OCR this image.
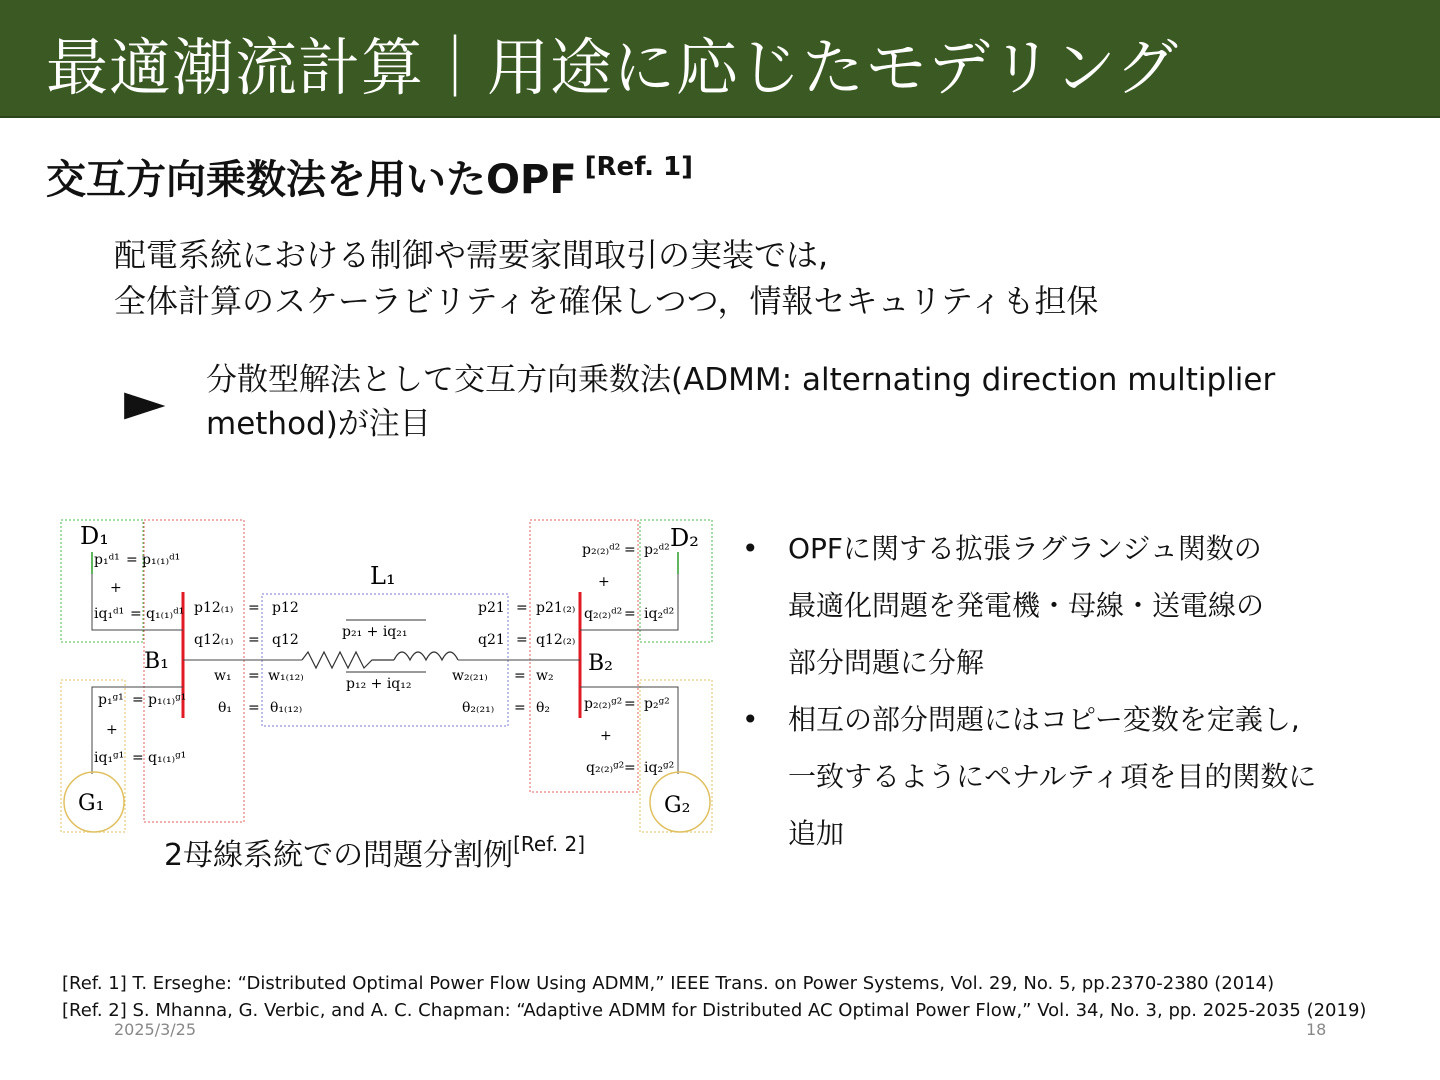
最適潮流計算｜用途に応じたモデリング
交互方向乗数法を用いたOPF [Ref. 1]
配電系統における制御や需要家間取引の実装では,
全体計算のスケーラビリティを確保しつつ，情報セキュリティも担保
► 分散型解法として交互方向乗数法(ADMM: alternating direction multiplier
method)が注目
D₁	D₂
L₁
B₁	B₂
G₁	G₂
p₁ᵈ¹ = p₁₍₁₎ᵈ¹
+
iq₁ᵈ¹ = q₁₍₁₎ᵈ¹
p₁ᵍ¹ = p₁₍₁₎ᵍ¹
+
iq₁ᵍ¹ = q₁₍₁₎ᵍ¹
p12₍₁₎ = p12
q12₍₁₎ = q12
w₁ = w₁₍₁₂₎
θ₁ = θ₁₍₁₂₎
p₂₁ + iq₂₁
p₁₂ + iq₁₂
p21 = p21₍₂₎
q21 = q12₍₂₎
w₂₍₂₁₎ = w₂
θ₂₍₂₁₎ = θ₂
p₂₍₂₎ᵈ² = p₂ᵈ²
+
q₂₍₂₎ᵈ² = iq₂ᵈ²
p₂₍₂₎ᵍ² = p₂ᵍ²
+
q₂₍₂₎ᵍ² = iq₂ᵍ²
2母線系統での問題分割例[Ref. 2]
• OPFに関する拡張ラグランジュ関数の
最適化問題を発電機・母線・送電線の
部分問題に分解
• 相互の部分問題にはコピー変数を定義し,
一致するようにペナルティ項を目的関数に
追加
2025/3/25	18
[Ref. 1] T. Erseghe: “Distributed Optimal Power Flow Using ADMM,” IEEE Trans. on Power Systems, Vol. 29, No. 5, pp.2370-2380 (2014)
[Ref. 2] S. Mhanna, G. Verbic, and A. C. Chapman: “Adaptive ADMM for Distributed AC Optimal Power Flow,” Vol. 34, No. 3, pp. 2025-2035 (2019)
